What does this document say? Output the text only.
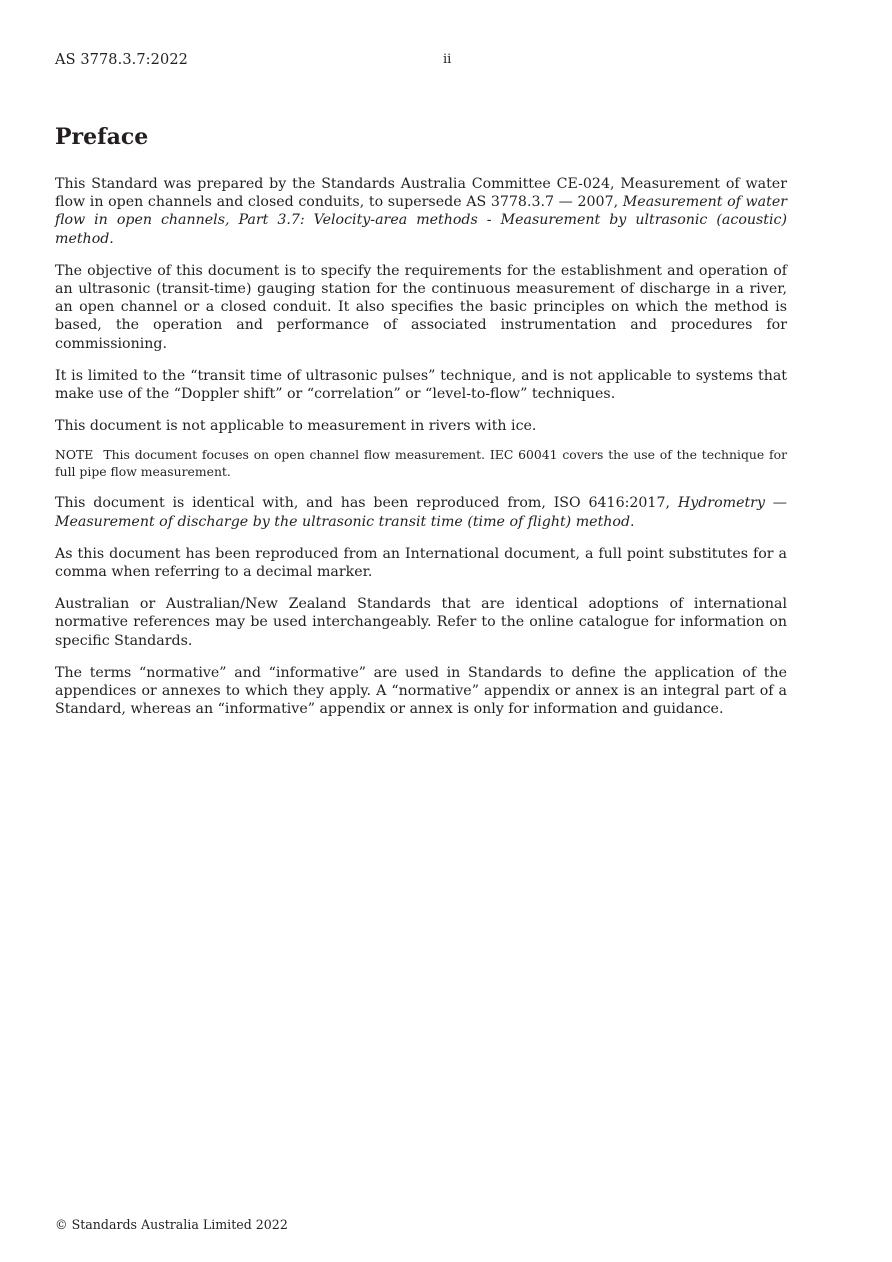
AS 3778.3.7:2022	ii
Preface

This Standard was prepared by the Standards Australia Committee CE-024, Measurement of water flow in open channels and closed conduits, to supersede AS 3778.3.7 — 2007, Measurement of water flow in open channels, Part 3.7: Velocity-area methods - Measurement by ultrasonic (acoustic) method.

The objective of this document is to specify the requirements for the establishment and operation of an ultrasonic (transit-time) gauging station for the continuous measurement of discharge in a river, an open channel or a closed conduit. It also specifies the basic principles on which the method is based, the operation and performance of associated instrumentation and procedures for commissioning.

It is limited to the “transit time of ultrasonic pulses” technique, and is not applicable to systems that make use of the “Doppler shift” or “correlation” or “level-to-flow” techniques.

This document is not applicable to measurement in rivers with ice.

NOTE This document focuses on open channel flow measurement. IEC 60041 covers the use of the technique for full pipe flow measurement.

This document is identical with, and has been reproduced from, ISO 6416:2017, Hydrometry — Measurement of discharge by the ultrasonic transit time (time of flight) method.

As this document has been reproduced from an International document, a full point substitutes for a comma when referring to a decimal marker.

Australian or Australian/New Zealand Standards that are identical adoptions of international normative references may be used interchangeably. Refer to the online catalogue for information on specific Standards.

The terms “normative” and “informative” are used in Standards to define the application of the appendices or annexes to which they apply. A “normative” appendix or annex is an integral part of a Standard, whereas an “informative” appendix or annex is only for information and guidance.

© Standards Australia Limited 2022
